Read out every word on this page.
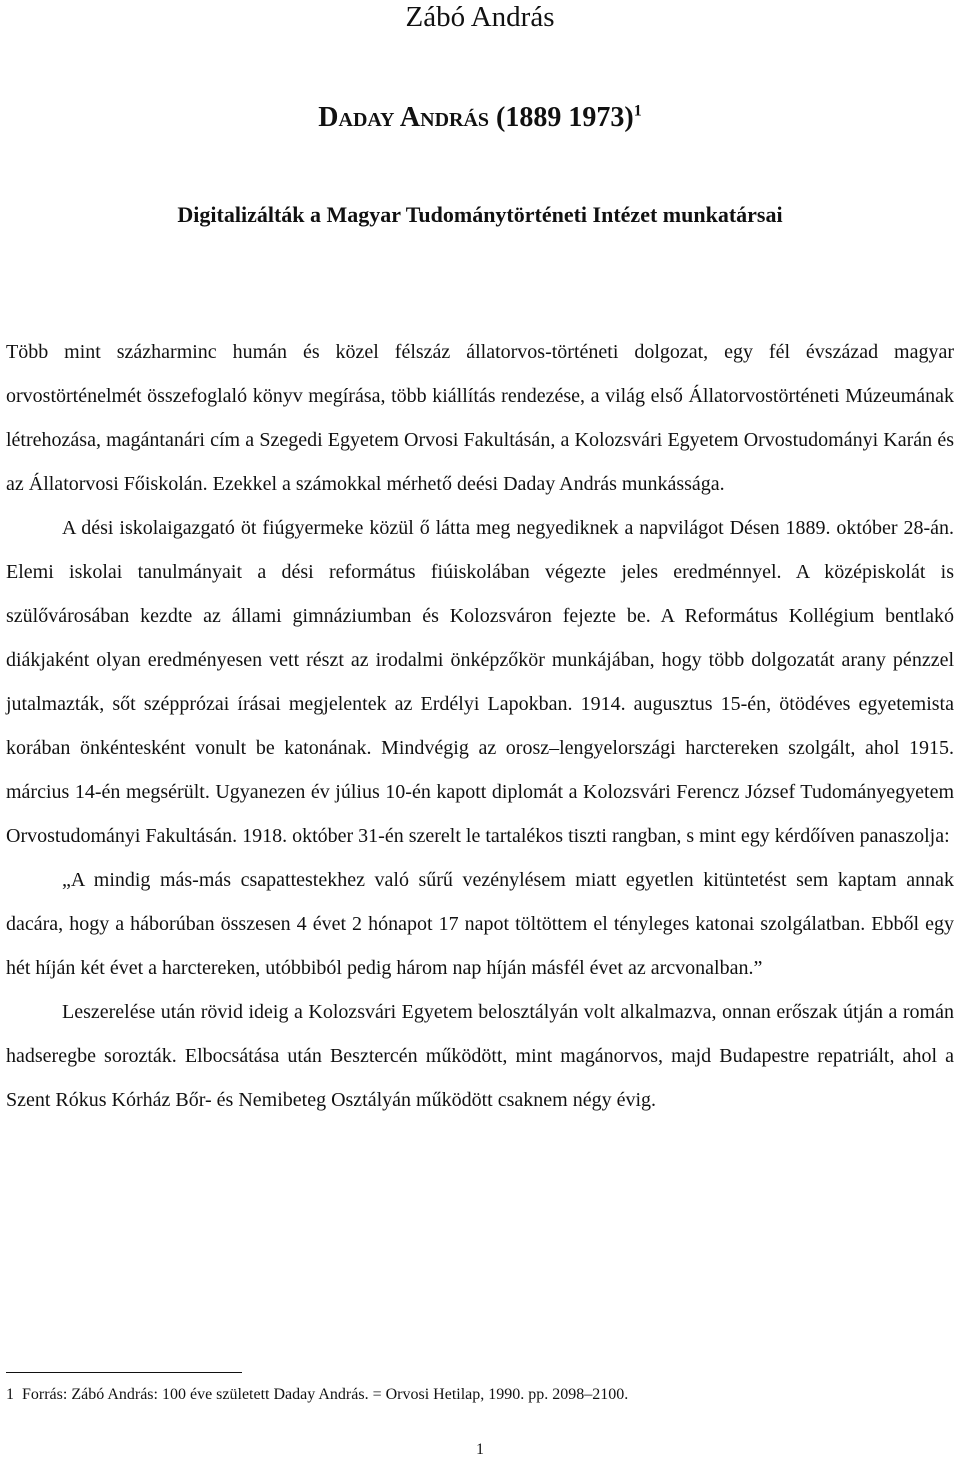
Zábó András
Daday András (1889 1973)$^1$
Digitalizálták a Magyar Tudománytörténeti Intézet munkatársai

Több mint százharminc humán és közel félszáz állatorvos-történeti dolgozat, egy fél évszázad magyar orvostörténelmét összefoglaló könyv megírása, több kiállítás rendezése, a világ első Állatorvostörténeti Múzeumának létrehozása, magántanári cím a Szegedi Egyetem Orvosi Fakultásán, a Kolozsvári Egyetem Orvostudományi Karán és az Állatorvosi Főiskolán. Ezekkel a számokkal mérhető deési Daday András munkássága.

A dési iskolaigazgató öt fiúgyermeke közül ő látta meg negyediknek a napvilágot Désen 1889. október 28-án. Elemi iskolai tanulmányait a dési református fiúiskolában végezte jeles eredménnyel. A középiskolát is szülővárosában kezdte az állami gimnáziumban és Kolozsváron fejezte be. A Református Kollégium bentlakó diákjaként olyan eredményesen vett részt az irodalmi önképzőkör munkájában, hogy több dolgozatát arany pénzzel jutalmazták, sőt szépprózai írásai megjelentek az Erdélyi Lapokban. 1914. augusztus 15-én, ötödéves egyetemista korában önkéntesként vonult be katonának. Mindvégig az orosz–lengyelországi harctereken szolgált, ahol 1915. március 14-én megsérült. Ugyanezen év július 10-én kapott diplomát a Kolozsvári Ferencz József Tudományegyetem Orvostudományi Fakultásán. 1918. október 31-én szerelt le tartalékos tiszti rangban, s mint egy kérdőíven panaszolja:

„A mindig más-más csapattestekhez való sűrű vezénylésem miatt egyetlen kitüntetést sem kaptam annak dacára, hogy a háborúban összesen 4 évet 2 hónapot 17 napot töltöttem el tényleges katonai szolgálatban. Ebből egy hét híján két évet a harctereken, utóbbiból pedig három nap híján másfél évet az arcvonalban.”

Leszerelése után rövid ideig a Kolozsvári Egyetem belosztályán volt alkalmazva, onnan erőszak útján a román hadseregbe sorozták. Elbocsátása után Besztercén működött, mint magánorvos, majd Budapestre repatriált, ahol a Szent Rókus Kórház Bőr- és Nemibeteg Osztályán működött csaknem négy évig.

1 Forrás: Zábó András: 100 éve született Daday András. = Orvosi Hetilap, 1990. pp. 2098–2100.
1
